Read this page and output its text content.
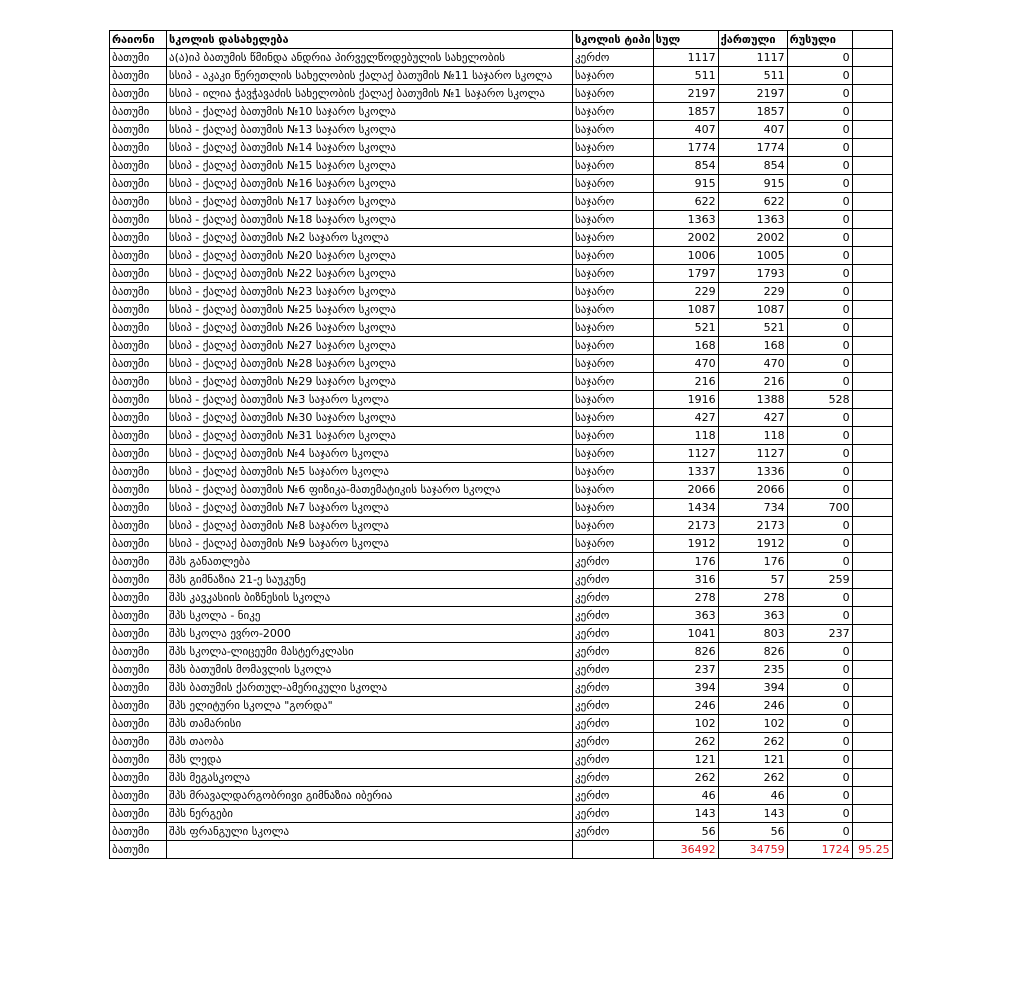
რაიონი	სკოლის დასახელება	სკოლის ტიპი	სულ	ქართული	რუსული	
ბათუმი	ა(ა)იპ ბათუმის წმინდა ანდრია პირველწოდებულის სახელობის	კერძო	1117	1117	0	
ბათუმი	სსიპ - აკაკი წერეთლის სახელობის ქალაქ ბათუმის №11 საჯარო სკოლა	საჯარო	511	511	0	
ბათუმი	სსიპ - ილია ჭავჭავაძის სახელობის ქალაქ ბათუმის №1 საჯარო სკოლა	საჯარო	2197	2197	0	
ბათუმი	სსიპ - ქალაქ ბათუმის №10 საჯარო სკოლა	საჯარო	1857	1857	0	
ბათუმი	სსიპ - ქალაქ ბათუმის №13 საჯარო სკოლა	საჯარო	407	407	0	
ბათუმი	სსიპ - ქალაქ ბათუმის №14 საჯარო სკოლა	საჯარო	1774	1774	0	
ბათუმი	სსიპ - ქალაქ ბათუმის №15 საჯარო სკოლა	საჯარო	854	854	0	
ბათუმი	სსიპ - ქალაქ ბათუმის №16 საჯარო სკოლა	საჯარო	915	915	0	
ბათუმი	სსიპ - ქალაქ ბათუმის №17 საჯარო სკოლა	საჯარო	622	622	0	
ბათუმი	სსიპ - ქალაქ ბათუმის №18 საჯარო სკოლა	საჯარო	1363	1363	0	
ბათუმი	სსიპ - ქალაქ ბათუმის №2 საჯარო სკოლა	საჯარო	2002	2002	0	
ბათუმი	სსიპ - ქალაქ ბათუმის №20 საჯარო სკოლა	საჯარო	1006	1005	0	
ბათუმი	სსიპ - ქალაქ ბათუმის №22 საჯარო სკოლა	საჯარო	1797	1793	0	
ბათუმი	სსიპ - ქალაქ ბათუმის №23 საჯარო სკოლა	საჯარო	229	229	0	
ბათუმი	სსიპ - ქალაქ ბათუმის №25 საჯარო სკოლა	საჯარო	1087	1087	0	
ბათუმი	სსიპ - ქალაქ ბათუმის №26 საჯარო სკოლა	საჯარო	521	521	0	
ბათუმი	სსიპ - ქალაქ ბათუმის №27 საჯარო სკოლა	საჯარო	168	168	0	
ბათუმი	სსიპ - ქალაქ ბათუმის №28 საჯარო სკოლა	საჯარო	470	470	0	
ბათუმი	სსიპ - ქალაქ ბათუმის №29 საჯარო სკოლა	საჯარო	216	216	0	
ბათუმი	სსიპ - ქალაქ ბათუმის №3 საჯარო სკოლა	საჯარო	1916	1388	528	
ბათუმი	სსიპ - ქალაქ ბათუმის №30 საჯარო სკოლა	საჯარო	427	427	0	
ბათუმი	სსიპ - ქალაქ ბათუმის №31 საჯარო სკოლა	საჯარო	118	118	0	
ბათუმი	სსიპ - ქალაქ ბათუმის №4 საჯარო სკოლა	საჯარო	1127	1127	0	
ბათუმი	სსიპ - ქალაქ ბათუმის №5 საჯარო სკოლა	საჯარო	1337	1336	0	
ბათუმი	სსიპ - ქალაქ ბათუმის №6 ფიზიკა-მათემატიკის საჯარო სკოლა	საჯარო	2066	2066	0	
ბათუმი	სსიპ - ქალაქ ბათუმის №7 საჯარო სკოლა	საჯარო	1434	734	700	
ბათუმი	სსიპ - ქალაქ ბათუმის №8 საჯარო სკოლა	საჯარო	2173	2173	0	
ბათუმი	სსიპ - ქალაქ ბათუმის №9 საჯარო სკოლა	საჯარო	1912	1912	0	
ბათუმი	შპს განათლება	კერძო	176	176	0	
ბათუმი	შპს გიმნაზია 21-ე საუკუნე	კერძო	316	57	259	
ბათუმი	შპს კავკასიის ბიზნესის სკოლა	კერძო	278	278	0	
ბათუმი	შპს სკოლა - ნიკე	კერძო	363	363	0	
ბათუმი	შპს სკოლა ევრო-2000	კერძო	1041	803	237	
ბათუმი	შპს სკოლა-ლიცეუმი მასტერკლასი	კერძო	826	826	0	
ბათუმი	შპს ბათუმის მომავლის სკოლა	კერძო	237	235	0	
ბათუმი	შპს ბათუმის ქართულ-ამერიკული სკოლა	კერძო	394	394	0	
ბათუმი	შპს ელიტური სკოლა "გორდა"	კერძო	246	246	0	
ბათუმი	შპს თამარისი	კერძო	102	102	0	
ბათუმი	შპს თაობა	კერძო	262	262	0	
ბათუმი	შპს ლედა	კერძო	121	121	0	
ბათუმი	შპს მეგასკოლა	კერძო	262	262	0	
ბათუმი	შპს მრავალდარგობრივი გიმნაზია იბერია	კერძო	46	46	0	
ბათუმი	შპს ნერგები	კერძო	143	143	0	
ბათუმი	შპს ფრანგული სკოლა	კერძო	56	56	0	
ბათუმი			36492	34759	1724	95.25
